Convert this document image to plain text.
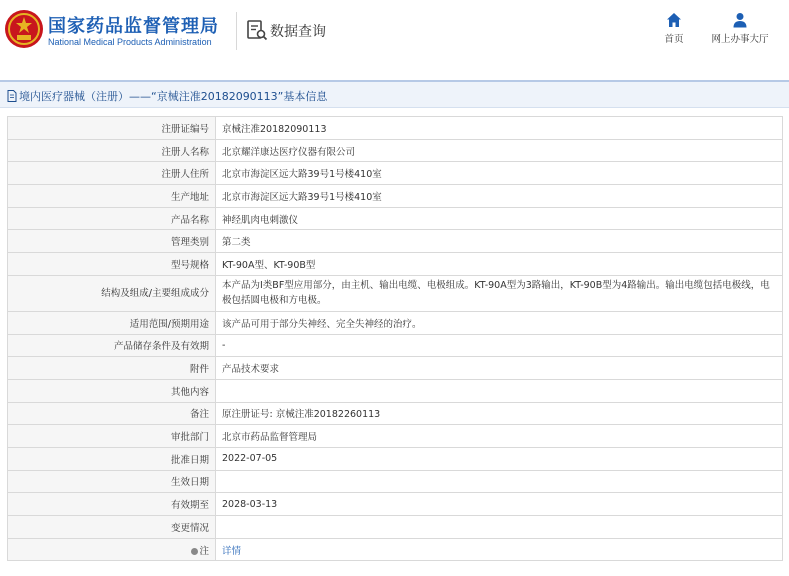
国家药品监督管理局
National Medical Products Administration
数据查询	首页	网上办事大厅
境内医疗器械（注册）——“京械注准20182090113”基本信息
注册证编号	京械注准20182090113
注册人名称	北京耀洋康达医疗仪器有限公司
注册人住所	北京市海淀区远大路39号1号楼410室
生产地址	北京市海淀区远大路39号1号楼410室
产品名称	神经肌肉电刺激仪
管理类别	第二类
型号规格	KT-90A型、KT-90B型
结构及组成/主要组成成分	本产品为Ⅰ类BF型应用部分，由主机、输出电缆、电极组成。KT-90A型为3路输出，KT-90B型为4路输出。输出电缆包括电极线，电极包括圆电极和方电极。
适用范围/预期用途	该产品可用于部分失神经、完全失神经的治疗。
产品储存条件及有效期	-
附件	产品技术要求
其他内容	
备注	原注册证号: 京械注准20182260113
审批部门	北京市药品监督管理局
批准日期	2022-07-05
生效日期	
有效期至	2028-03-13
变更情况	
注	详情
